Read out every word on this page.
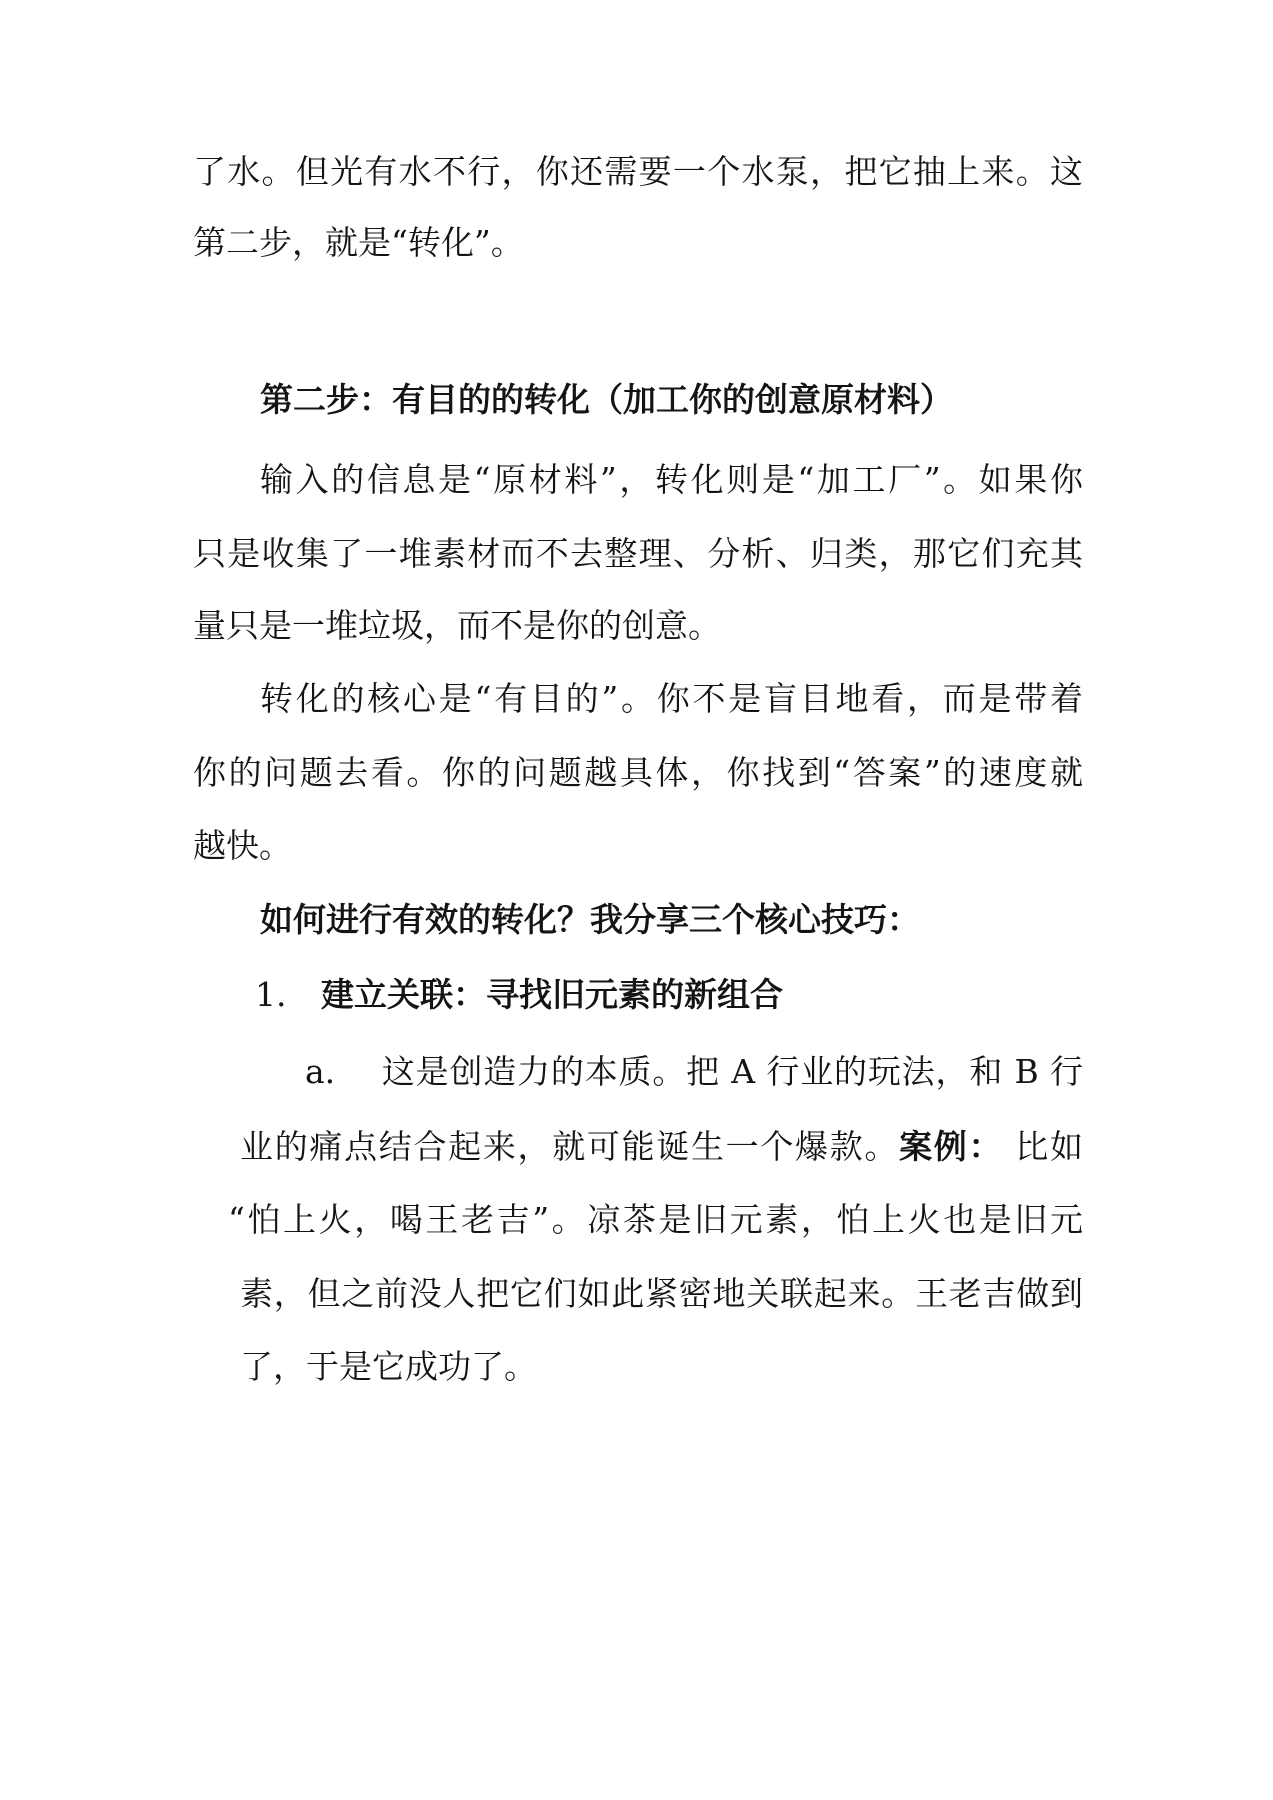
了水。但光有水不行，你还需要一个水泵，把它抽上来。这
第二步，就是“转化”。
第二步：有目的的转化（加工你的创意原材料）
输入的信息是“原材料”，转化则是“加工厂”。如果你
只是收集了一堆素材而不去整理、分析、归类，那它们充其
量只是一堆垃圾，而不是你的创意。
转化的核心是“有目的”。你不是盲目地看，而是带着
你的问题去看。你的问题越具体，你找到“答案”的速度就
越快。
如何进行有效的转化？我分享三个核心技巧：
1. 建立关联：寻找旧元素的新组合
a. 这是创造力的本质。把 A 行业的玩法，和 B 行
业的痛点结合起来，就可能诞生一个爆款。案例： 比如
“怕上火，喝王老吉”。凉茶是旧元素，怕上火也是旧元
素，但之前没人把它们如此紧密地关联起来。王老吉做到
了，于是它成功了。
